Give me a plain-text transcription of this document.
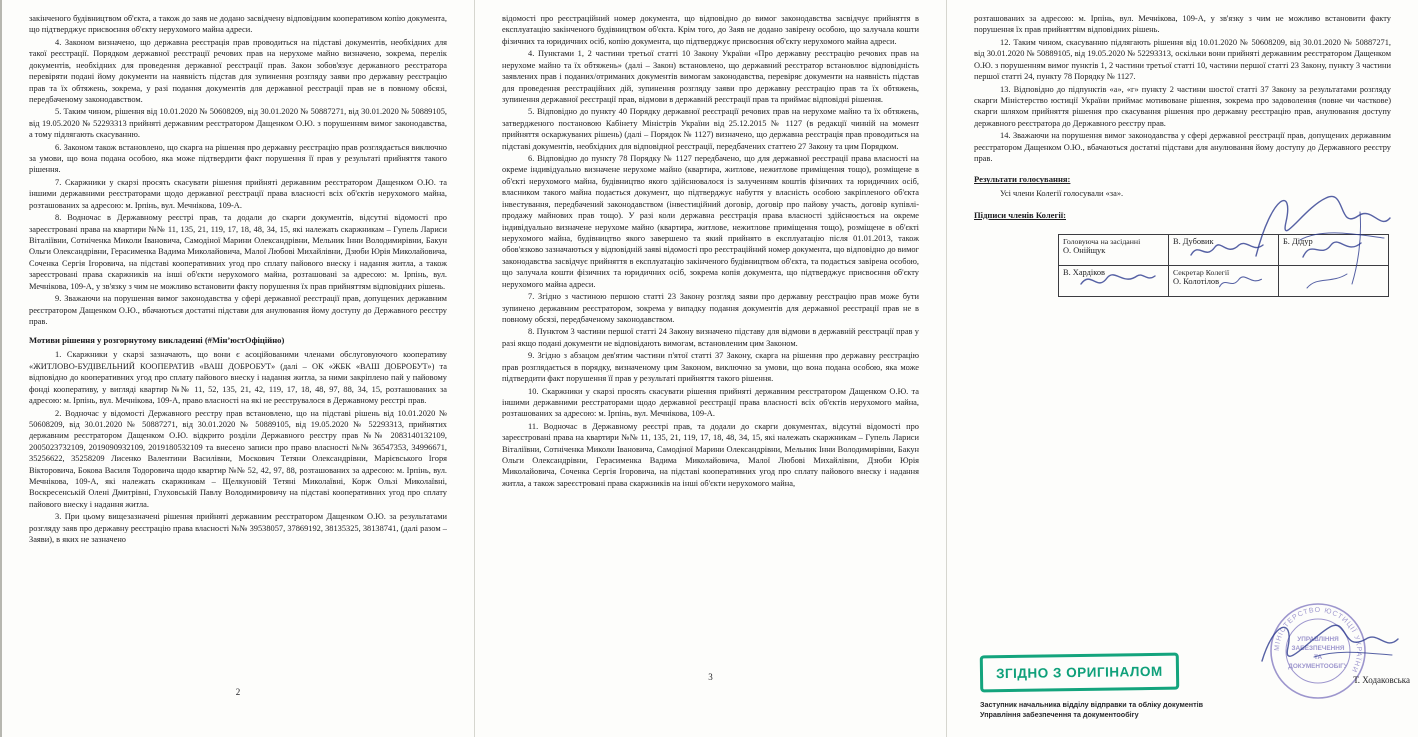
закінченого будівництвом об'єкта, а також до заяв не додано засвідчену відповідним кооперативом копію документа, що підтверджує присвоєння об'єкту нерухомого майна адреси.

4. Законом визначено, що державна реєстрація прав проводиться на підставі документів, необхідних для такої реєстрації. Порядком державної реєстрації речових прав на нерухоме майно визначено, зокрема, перелік документів, необхідних для проведення державної реєстрації прав. Закон зобов'язує державного реєстратора перевіряти подані йому документи на наявність підстав для зупинення розгляду заяви про державну реєстрацію прав та їх обтяжень, зокрема, у разі подання документів для державної реєстрації прав не в повному обсязі, передбаченому законодавством.

5. Таким чином, рішення від 10.01.2020 № 50608209, від 30.01.2020 № 50887271, від 30.01.2020 № 50889105, від 19.05.2020 № 52293313 прийняті державним реєстратором Дащенком О.Ю. з порушенням вимог законодавства, а тому підлягають скасуванню.

6. Законом також встановлено, що скарга на рішення про державну реєстрацію прав розглядається виключно за умови, що вона подана особою, яка може підтвердити факт порушення її прав у результаті прийняття такого рішення.

7. Скаржники у скарзі просять скасувати рішення прийняті державним реєстратором Дащенком О.Ю. та іншими державними реєстраторами щодо державної реєстрації права власності всіх об'єктів нерухомого майна, розташованих за адресою: м. Ірпінь, вул. Мечнікова, 109-А.

8. Водночас в Державному реєстрі прав, та додали до скарги документів, відсутні відомості про зареєстровані права на квартири №№ 11, 135, 21, 119, 17, 18, 48, 34, 15, які належать скаржникам – Гупель Лариси Віталіївни, Сотніченка Миколи Івановича, Самодіної Марини Олександрівни, Мельник Інни Володимирівни, Бакун Ольги Олександрівни, Герасименка Вадима Миколайовича, Малої Любові Михайлівни, Дзюби Юрія Миколайовича, Соченка Сергія Ігоровича, на підставі кооперативних угод про сплату пайового внеску і надання житла, а також зареєстровані права скаржників на інші об'єкти нерухомого майна, розташовані за адресою: м. Ірпінь, вул. Мечнікова, 109-А, у зв'язку з чим не можливо встановити факту порушення їх прав прийняттям відповідних рішень.

9. Зважаючи на порушення вимог законодавства у сфері державної реєстрації прав, допущених державним реєстратором Дащенком О.Ю., вбачаються достатні підстави для анулювання йому доступу до Державного реєстру прав.

Мотиви рішення у розгорнутому викладенні (#МінʼюстОфіційно)

1. Скаржники у скарзі зазначають, що вони є асоційованими членами обслуговуючого кооперативу «ЖИТЛОВО-БУДІВЕЛЬНИЙ КООПЕРАТИВ «ВАШ ДОБРОБУТ» (далі – ОК «ЖБК «ВАШ ДОБРОБУТ») та відповідно до кооперативних угод про сплату пайового внеску і надання житла, за ними закріплено пай у пайовому фонді кооперативу, у вигляді квартир №№ 11, 52, 135, 21, 42, 119, 17, 18, 48, 97, 88, 34, 15, розташованих за адресою: м. Ірпінь, вул. Мечнікова, 109-А, право власності на які не реєструвалося в Державному реєстрі прав.

2. Водночас у відомості Державного реєстру прав встановлено, що на підставі рішень від 10.01.2020 № 50608209, від 30.01.2020 № 50887271, від 30.01.2020 № 50889105, від 19.05.2020 № 52293313, прийнятих державним реєстратором Дащенком О.Ю. відкрито розділи Державного реєстру прав №№ 2083140132109, 2005023732109, 2019090932109, 2019180532109 та внесено записи про право власності №№ 36547353, 34996671, 35256622, 35258209 Лисенко Валентини Василівни, Москович Тетяни Олександрівни, Марієвського Ігоря Вікторовича, Бокова Василя Тодоровича щодо квартир №№ 52, 42, 97, 88, розташованих за адресою: м. Ірпінь, вул. Мечнікова, 109-А, які належать скаржникам – Щелкуновій Тетяні Миколаївні, Корж Ользі Миколаївні, Воскресенській Олені Дмитрівні, Глуховській Павлу Володимировичу на підставі кооперативних угод про сплату пайового внеску і надання житла.

3. При цьому вищезазначені рішення прийняті державним реєстратором Дащенком О.Ю. за результатами розгляду заяв про державну реєстрацію права власності №№ 39538057, 37869192, 38135325, 38138741, (далі разом – Заяви), в яких не зазначено

2

відомості про реєстраційний номер документа, що відповідно до вимог законодавства засвідчує прийняття в експлуатацію закінченого будівництвом об'єкта. Крім того, до Заяв не додано завірену особою, що залучала кошти фізичних та юридичних осіб, копію документа, що підтверджує присвоєння об'єкту нерухомого майна адреси.

4. Пунктами 1, 2 частини третьої статті 10 Закону України «Про державну реєстрацію речових прав на нерухоме майно та їх обтяжень» (далі – Закон) встановлено, що державний реєстратор встановлює відповідність заявлених прав і поданих/отриманих документів вимогам законодавства, перевіряє документи на наявність підстав для проведення реєстраційних дій, зупинення розгляду заяви про державну реєстрацію прав та їх обтяжень, зупинення державної реєстрації прав, відмови в державній реєстрації прав та приймає відповідні рішення.

5. Відповідно до пункту 40 Порядку державної реєстрації речових прав на нерухоме майно та їх обтяжень, затвердженого постановою Кабінету Міністрів України від 25.12.2015 № 1127 (в редакції чинній на момент прийняття оскаржуваних рішень) (далі – Порядок № 1127) визначено, що державна реєстрація прав проводиться на підставі документів, необхідних для відповідної реєстрації, передбачених статтею 27 Закону та цим Порядком.

6. Відповідно до пункту 78 Порядку № 1127 передбачено, що для державної реєстрації права власності на окреме індивідуально визначене нерухоме майно (квартира, житлове, нежитлове приміщення тощо), розміщене в об'єкті нерухомого майна, будівництво якого здійснювалося із залученням коштів фізичних та юридичних осіб, власником такого майна подається документ, що підтверджує набуття у власність особою закріпленого об'єкта інвестування, передбачений законодавством (інвестиційний договір, договір про пайову участь, договір купівлі-продажу майнових прав тощо). У разі коли державна реєстрація права власності здійснюється на окреме індивідуально визначене нерухоме майно (квартира, житлове, нежитлове приміщення тощо), розміщене в об'єкті нерухомого майна, будівництво якого завершено та який прийнято в експлуатацію після 01.01.2013, також обов'язково зазначаються у відповідній заяві відомості про реєстраційний номер документа, що відповідно до вимог законодавства засвідчує прийняття в експлуатацію закінченого будівництвом об'єкта, та подається завірена особою, що залучала кошти фізичних та юридичних осіб, зокрема копія документа, що підтверджує присвоєння об'єкту нерухомого майна адреси.

7. Згідно з частиною першою статті 23 Закону розгляд заяви про державну реєстрацію прав може бути зупинено державним реєстратором, зокрема у випадку подання документів для державної реєстрації прав не в повному обсязі, передбаченому законодавством.

8. Пунктом 3 частини першої статті 24 Закону визначено підставу для відмови в державній реєстрації прав у разі якщо подані документи не відповідають вимогам, встановленим цим Законом.

9. Згідно з абзацом дев'ятим частини п'ятої статті 37 Закону, скарга на рішення про державну реєстрацію прав розглядається в порядку, визначеному цим Законом, виключно за умови, що вона подана особою, яка може підтвердити факт порушення її прав у результаті прийняття такого рішення.

10. Скаржники у скарзі просять скасувати рішення прийняті державним реєстратором Дащенком О.Ю. та іншими державними реєстраторами щодо державної реєстрації права власності всіх об'єктів нерухомого майна, розташованих за адресою: м. Ірпінь, вул. Мечнікова, 109-А.

11. Водночас в Державному реєстрі прав, та додали до скарги документах, відсутні відомості про зареєстровані права на квартири №№ 11, 135, 21, 119, 17, 18, 48, 34, 15, які належать скаржникам – Гупель Лариси Віталіївни, Сотніченка Миколи Івановича, Самодіної Марини Олександрівни, Мельник Інни Володимирівни, Бакун Ольги Олександрівни, Герасименка Вадима Миколайовича, Малої Любові Михайлівни, Дзюби Юрія Миколайовича, Соченка Сергія Ігоровича, на підставі кооперативних угод про сплату пайового внеску і надання житла, а також зареєстровані права скаржників на інші об'єкти нерухомого майна,

3

розташованих за адресою: м. Ірпінь, вул. Мечнікова, 109-А, у зв'язку з чим не можливо встановити факту порушення їх прав прийняттям відповідних рішень.

12. Таким чином, скасуванню підлягають рішення від 10.01.2020 № 50608209, від 30.01.2020 № 50887271, від 30.01.2020 № 50889105, від 19.05.2020 № 52293313, оскільки вони прийняті державним реєстратором Дащенком О.Ю. з порушенням вимог пунктів 1, 2 частини третьої статті 10, частини першої статті 23 Закону, пункту 3 частини першої статті 24, пункту 78 Порядку № 1127.

13. Відповідно до підпунктів «а», «г» пункту 2 частини шостої статті 37 Закону за результатами розгляду скарги Міністерство юстиції України приймає мотивоване рішення, зокрема про задоволення (повне чи часткове) скарги шляхом прийняття рішення про скасування рішення про державну реєстрацію прав, анулювання доступу державного реєстратора до Державного реєстру прав.

14. Зважаючи на порушення вимог законодавства у сфері державної реєстрації прав, допущених державним реєстратором Дащенком О.Ю., вбачаються достатні підстави для анулювання йому доступу до Державного реєстру прав.

Результати голосування:

Усі члени Колегії голосували «за».

Підписи членів Колегії:

Головуюча на засіданні
О. Онійщук	В. Дубовик	Б. Дідур

В. Хардіков	Секретар Колегії
О. Колотілов

ЗГІДНО З ОРИГІНАЛОМ
Заступник начальника відділу відправки та обліку документів
Управління забезпечення та документообігу
МІНІСТЕРСТВО ЮСТИЦІЇ УКРАЇНИ
УПРАВЛІННЯ
ЗАБЕЗПЕЧЕННЯ
ТА
ДОКУМЕНТООБІГУ
Т. Ходаковська
